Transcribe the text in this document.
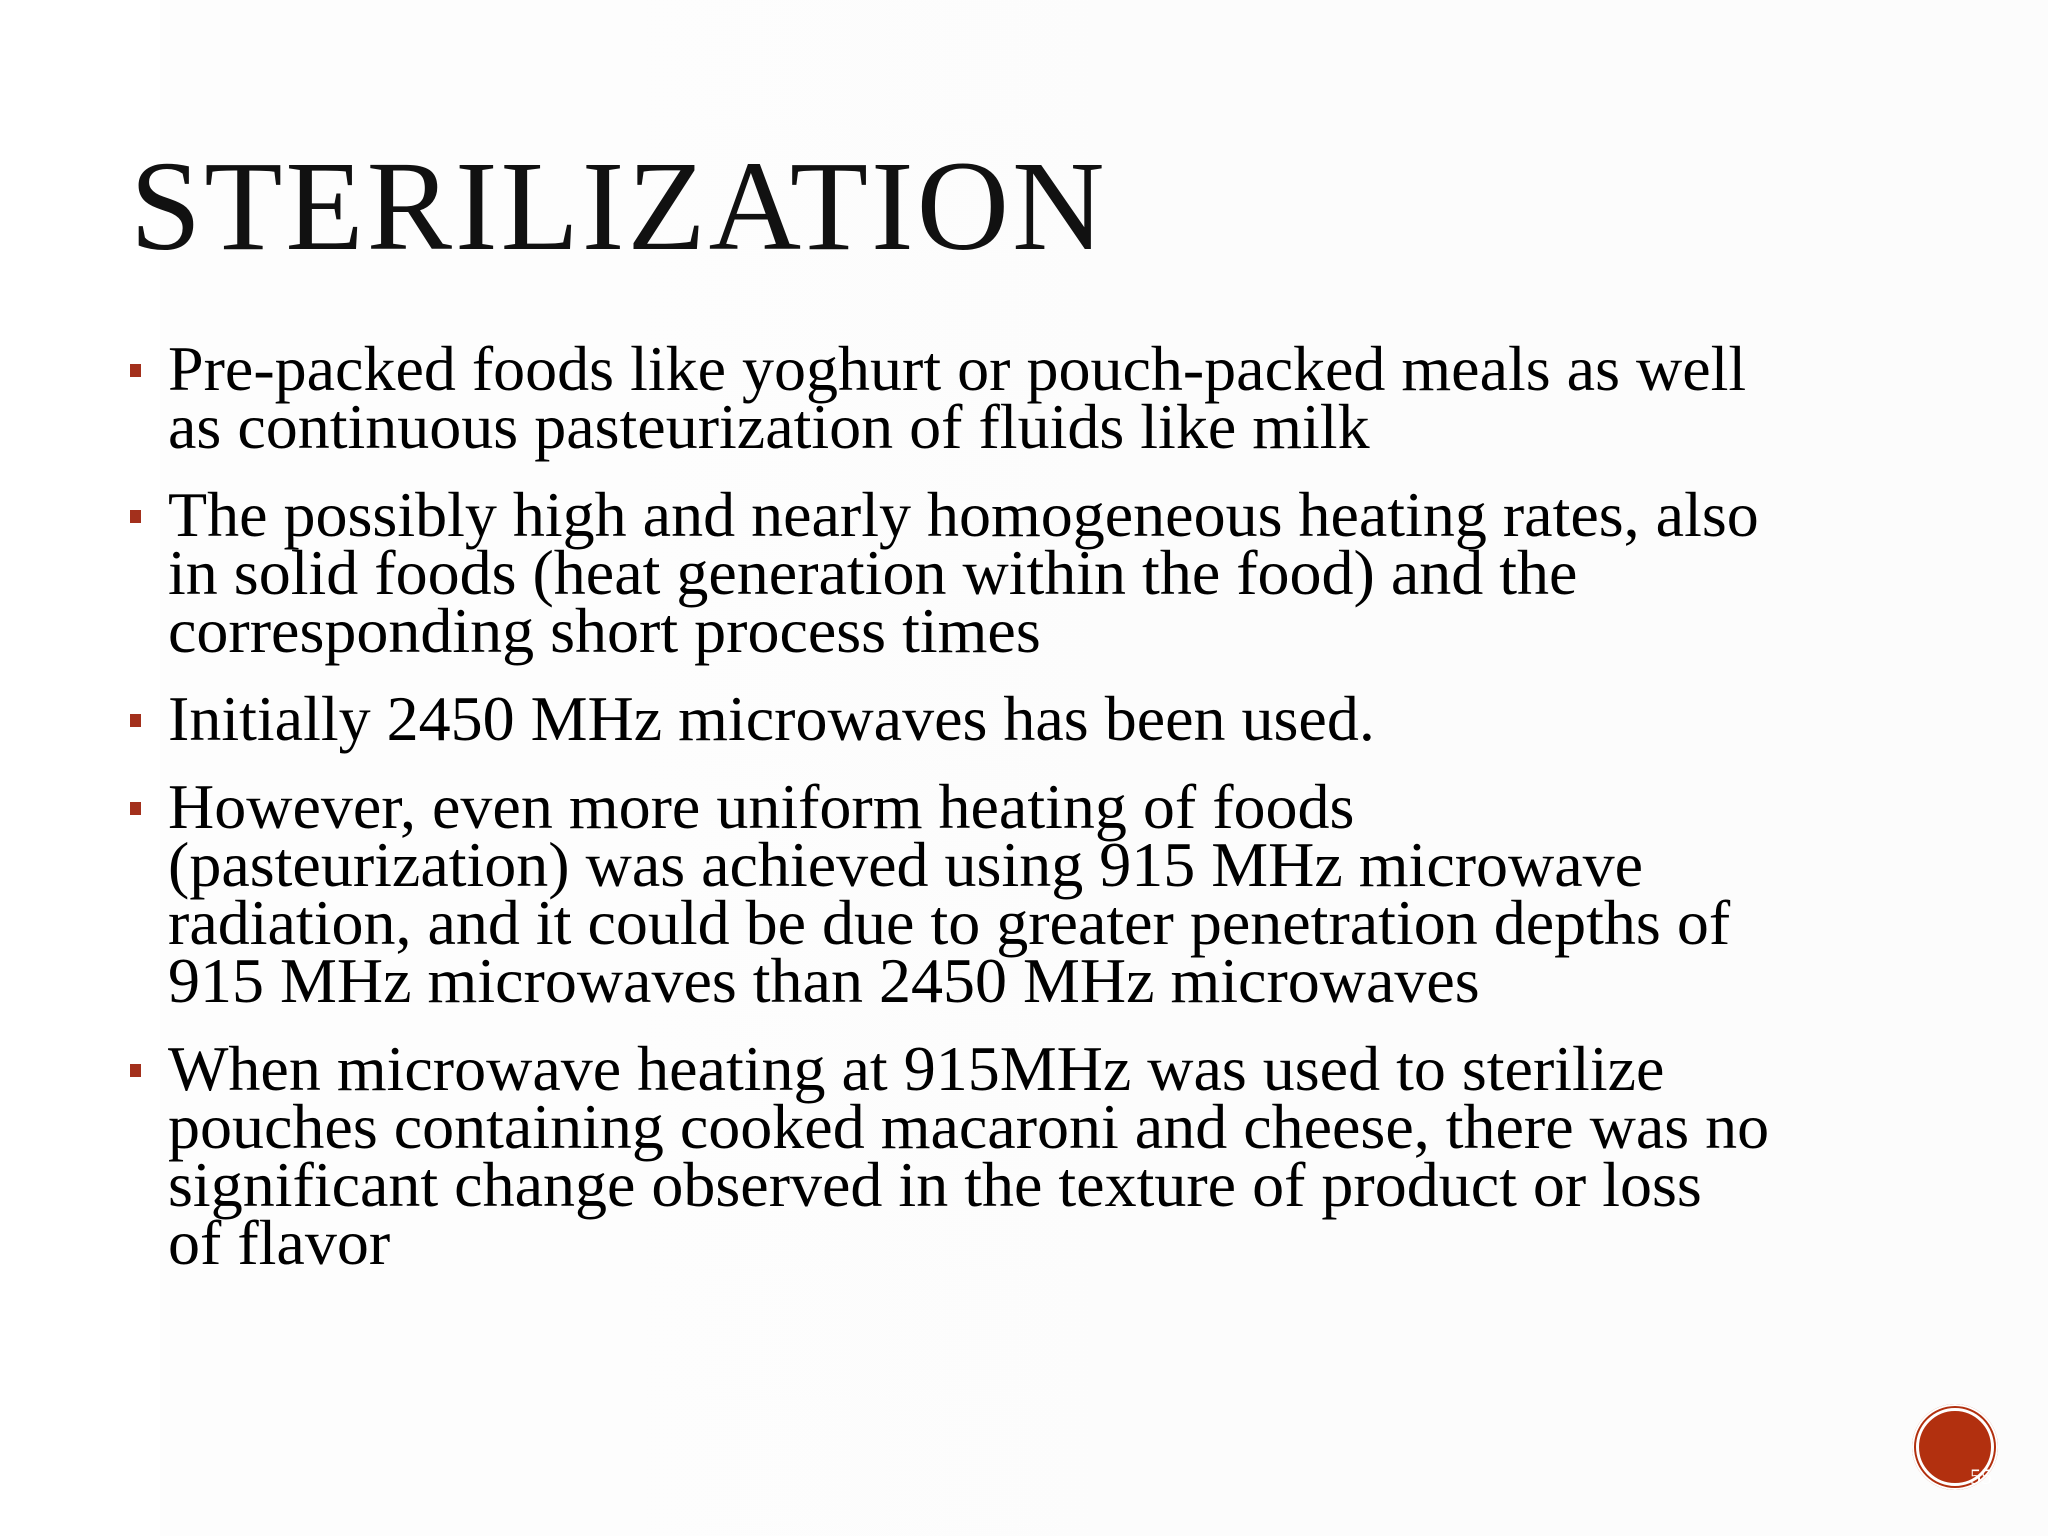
STERILIZATION
Pre-packed foods like yoghurt or pouch-packed meals as well as continuous pasteurization of fluids like milk
The possibly high and nearly homogeneous heating rates, also in solid foods (heat generation within the food) and the corresponding short process times
Initially 2450 MHz microwaves has been used.
However, even more uniform heating of foods (pasteurization) was achieved using 915 MHz microwave radiation, and it could be due to greater penetration depths of 915 MHz microwaves than 2450 MHz microwaves
When microwave heating at 915MHz was used to sterilize pouches containing cooked macaroni and cheese, there was no significant change observed in the texture of product or loss of flavor
55
